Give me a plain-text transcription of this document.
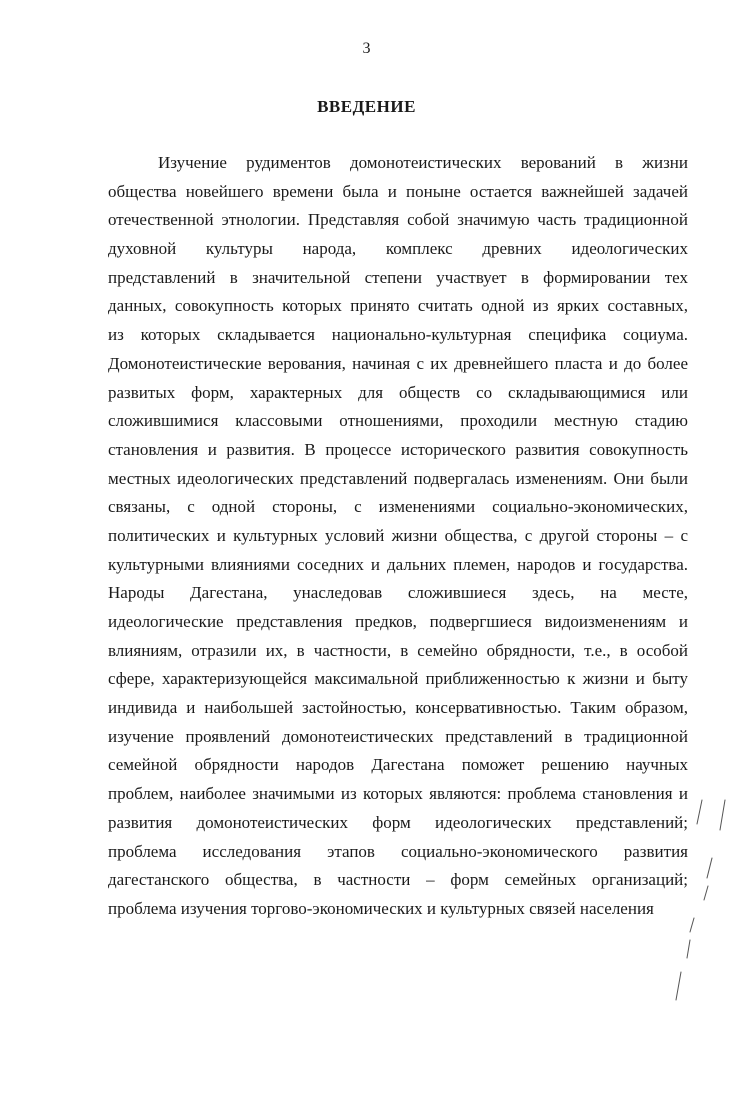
3
ВВЕДЕНИЕ
Изучение рудиментов домонотеистических верований в жизни
общества новейшего времени была и поныне остается важнейшей задачей
отечественной этнологии. Представляя собой значимую часть традиционной
духовной культуры народа, комплекс древних идеологических
представлений в значительной степени участвует в формировании тех
данных, совокупность которых принято считать одной из ярких составных,
из которых складывается национально-культурная специфика социума.
Домонотеистические верования, начиная с их древнейшего пласта и до более
развитых форм, характерных для обществ со складывающимися или
сложившимися классовыми отношениями, проходили местную стадию
становления и развития. В процессе исторического развития совокупность
местных идеологических представлений подвергалась изменениям. Они были
связаны, с одной стороны, с изменениями социально-экономических,
политических и культурных условий жизни общества, с другой стороны – с
культурными влияниями соседних и дальних племен, народов и государства.
Народы Дагестана, унаследовав сложившиеся здесь, на месте,
идеологические представления предков, подвергшиеся видоизменениям и
влияниям, отразили их, в частности, в семейно обрядности, т.е., в особой
сфере, характеризующейся максимальной приближенностью к жизни и быту
индивида и наибольшей застойностью, консервативностью. Таким образом,
изучение проявлений домонотеистических представлений в традиционной
семейной обрядности народов Дагестана поможет решению научных
проблем, наиболее значимыми из которых являются: проблема становления и
развития домонотеистических форм идеологических представлений;
проблема исследования этапов социально-экономического развития
дагестанского общества, в частности – форм семейных организаций;
проблема изучения торгово-экономических и культурных связей населения
